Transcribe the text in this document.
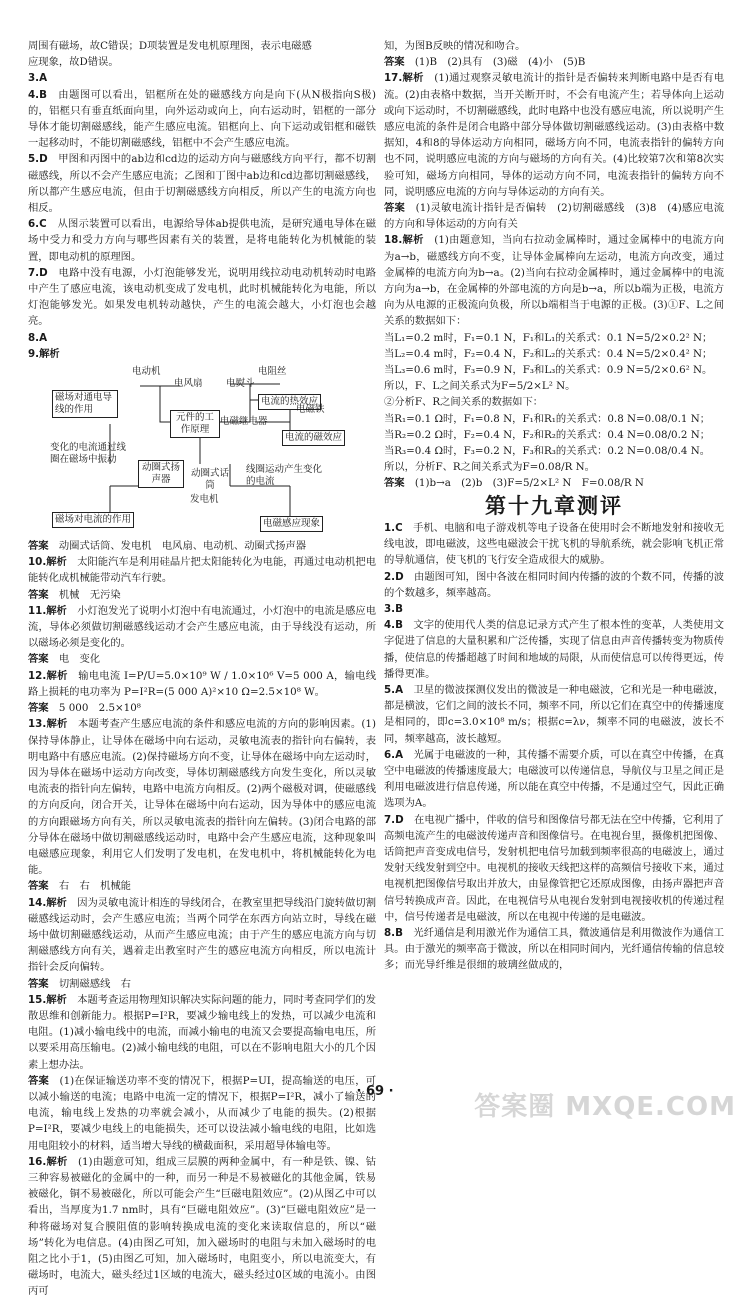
周围有磁场，故C错误；D项装置是发电机原理图，表示电磁感

应现象，故D错误。

3.A

4.B　 由题图可以看出，铝框所在处的磁感线方向是向下(从N极指向S极)的，铝框只有垂直纸面向里，向外运动或向上，向右运动时，铝框的一部分导体才能切割磁感线，能产生感应电流。铝框向上、向下运动或铝框和磁铁一起移动时，不能切割磁感线，铝框中不会产生感应电流。

5.D　 甲图和丙图中的ab边和cd边的运动方向与磁感线方向平行，都不切割磁感线，所以不会产生感应电流；乙图和丁图中ab边和cd边都切割磁感线，所以都产生感应电流，但由于切割磁感线方向相反，所以产生的电流方向也相反。

6.C　 从图示装置可以看出，电源给导体ab提供电流，是研究通电导体在磁场中受力和受力方向与哪些因素有关的装置，是将电能转化为机械能的装置，即电动机的原理图。

7.D　 电路中没有电源，小灯泡能够发光，说明用线拉动电动机转动时电路中产生了感应电流，该电动机变成了发电机，此时机械能转化为电能，所以灯泡能够发光。如果发电机转动越快，产生的电流会越大，小灯泡也会越亮。

8.A

9.解析

电动机
电风扇 电熨斗
电阻丝
磁场对通电导线的作用
电流的热效应
元件的工作原理
电磁继电器
电磁铁
电流的磁效应
变化的电流通过线圈在磁场中振动
动圈式扬声器
动圈式话筒
发电机
线圈运动产生变化的电流
磁场对电流的作用	电磁感应现象

答案　 动圈式话筒、发电机　电风扇、电动机、动圈式扬声器

10.解析　 太阳能汽车是利用硅晶片把太阳能转化为电能，再通过电动机把电能转化成机械能带动汽车行驶。

答案　 机械　无污染

11.解析　 小灯泡发光了说明小灯泡中有电流通过，小灯泡中的电流是感应电流，导体必须做切割磁感线运动才会产生感应电流，由于导线没有运动，所以磁场必须是变化的。

答案　 电　变化

12.解析　 输电电流 I=P/U=5.0×10⁹ W / 1.0×10⁶ V=5 000 A，输电线路上损耗的电功率为 P=I²R=(5 000 A)²×10 Ω=2.5×10⁸ W。

答案　 5 000　2.5×10⁸

13.解析　 本题考查产生感应电流的条件和感应电流的方向的影响因素。(1)保持导体静止，让导体在磁场中向右运动，灵敏电流表的指针向右偏转，表明电路中有感应电流。(2)保持磁场方向不变，让导体在磁场中向左运动时，因为导体在磁场中运动方向改变，导体切割磁感线方向发生变化，所以灵敏电流表的指针向左偏转，电路中电流方向相反。(2)两个磁极对调，使磁感线的方向反向，闭合开关，让导体在磁场中向右运动，因为导体中的感应电流的方向跟磁场方向有关，所以灵敏电流表的指针向左偏转。(3)闭合电路的部分导体在磁场中做切割磁感线运动时，电路中会产生感应电流，这种现象叫电磁感应现象，利用它人们发明了发电机，在发电机中，将机械能转化为电能。

答案　 右　右　机械能

14.解析　 因为灵敏电流计相连的导线闭合，在教室里把导线沿门旋转做切割磁感线运动时，会产生感应电流；当两个同学在东西方向站立时，导线在磁场中做切割磁感线运动，从而产生感应电流；由于产生的感应电流方向与切割磁感线方向有关，遇着走出教室时产生的感应电流方向相反，所以电流计指针会反向偏转。

答案　 切割磁感线　右

15.解析　 本题考查运用物理知识解决实际问题的能力，同时考查同学们的发散思维和创新能力。根据P=I²R，要减少输电线上的发热，可以减少电流和电阻。(1)减小输电线中的电流，而减小输电的电流又会要提高输电电压，所以要采用高压输电。(2)减小输电线的电阻，可以在不影响电阻大小的几个因素上想办法。

答案　 (1)在保证输送功率不变的情况下，根据P=UI，提高输送的电压，可以减小输送的电流；电路中电流一定的情况下，根据P=I²R，减小了输送的电流，输电线上发热的功率就会减小，从而减少了电能的损失。(2)根据P=I²R，要减少电线上的电能损失，还可以设法减小输电线的电阻，比如选用电阻较小的材料，适当增大导线的横截面积，采用超导体输电等。

16.解析　 (1)由题意可知，组成三层膜的两种金属中，有一种是铁、镍、钴三种容易被磁化的金属中的一种，而另一种是不易被磁化的其他金属，铁易被磁化，铜不易被磁化，所以可能会产生“巨磁电阻效应”。(2)从图乙中可以看出，当厚度为1.7 nm时，具有“巨磁电阻效应”。(3)“巨磁电阻效应”是一种将磁场对复合膜阻值的影响转换成电流的变化来读取信息的，所以“磁场”转化为电信息。(4)由图乙可知，加入磁场时的电阻与未加入磁场时的电阻之比小于1，(5)由图乙可知，加入磁场时，电阻变小，所以电流变大，有磁场时，电流大，磁头经过1区域的电流大，磁头经过0区域的电流小。由图丙可

知，为图B反映的情况和吻合。

答案　 (1)B　(2)具有　(3)磁　(4)小　(5)B

17.解析　 (1)通过观察灵敏电流计的指针是否偏转来判断电路中是否有电流。(2)由表格中数据，当开关断开时，不会有电流产生；若导体向上运动或向下运动时，不切割磁感线，此时电路中也没有感应电流，所以说明产生感应电流的条件是闭合电路中部分导体做切割磁感线运动。(3)由表格中数据知，4和8的导体运动方向相同，磁场方向不同，电流表指针的偏转方向也不同，说明感应电流的方向与磁场的方向有关。(4)比较第7次和第8次实验可知，磁场方向相同，导体的运动方向不同，电流表指针的偏转方向不同，说明感应电流的方向与导体运动的方向有关。

答案　 (1)灵敏电流计指针是否偏转　(2)切割磁感线　(3)8　(4)感应电流的方向和导体运动的方向有关

18.解析　 (1)由题意知，当向右拉动金属棒时，通过金属棒中的电流方向为a→b，磁感线方向不变，让导体金属棒向左运动，电流方向改变，通过金属棒的电流方向为b→a。(2)当向右拉动金属棒时，通过金属棒中的电流方向为a→b，在金属棒的外部电流的方向是b→a，所以b端为正极，电流方向为从电源的正极流向负极，所以b端相当于电源的正极。(3)①F、L之间关系的数据如下：

当L₁=0.2 m时，F₁=0.1 N，F₁和L₁的关系式：0.1 N=5/2×0.2² N；

当L₂=0.4 m时，F₂=0.4 N，F₂和L₂的关系式：0.4 N=5/2×0.4² N；

当L₃=0.6 m时，F₃=0.9 N，F₃和L₃的关系式：0.9 N=5/2×0.6² N。

所以，F、L之间关系式为F=5/2×L² N。

②分析F、R之间关系的数据如下：

当R₁=0.1 Ω时，F₁=0.8 N，F₁和R₁的关系式：0.8 N=0.08/0.1 N；

当R₂=0.2 Ω时，F₂=0.4 N，F₂和R₂的关系式：0.4 N=0.08/0.2 N；

当R₃=0.4 Ω时，F₃=0.2 N，F₃和R₃的关系式：0.2 N=0.08/0.4 N。

所以，分析F、R之间关系式为F=0.08/R N。

答案　 (1)b→a　(2)b　(3)F=5/2×L² N　F=0.08/R N

第十九章测评

1.C　 手机、电脑和电子游戏机等电子设备在使用时会不断地发射和接收无线电波，即电磁波，这些电磁波会干扰飞机的导航系统，就会影响飞机正常的导航通信，使飞机的飞行安全造成很大的威胁。

2.D　 由题图可知，图中各波在相同时间内传播的波的个数不同，传播的波的个数越多，频率越高。

3.B

4.B　 文字的使用代人类的信息记录方式产生了根本性的变革，人类使用文字促进了信息的大量积累和广泛传播，实现了信息由声音传播转变为物质传播，使信息的传播超越了时间和地域的局限，从而使信息可以传得更远，传播得更准。

5.A　 卫星的微波探测仪发出的微波是一种电磁波，它和光是一种电磁波，都是横波，它们之间的波长不同，频率不同，所以它们在真空中的传播速度是相同的，即c=3.0×10⁸ m/s；根据c=λν，频率不同的电磁波，波长不同，频率越高，波长越短。

6.A　 光属于电磁波的一种，其传播不需要介质，可以在真空中传播，在真空中电磁波的传播速度最大；电磁波可以传递信息，导航仪与卫星之间正是利用电磁波进行信息传递，所以能在真空中传播，不是通过空气，因此正确选项为A。

7.D　 在电视广播中，伴收的信号和图像信号都无法在空中传播，它利用了高频电流产生的电磁波传递声音和图像信号。在电视台里，摄像机把图像、话筒把声音变成电信号，发射机把电信号加载到频率很高的电磁波上，通过发射天线发射到空中。电视机的接收天线把这样的高频信号接收下来，通过电视机把图像信号取出并放大，由显像管把它还原成图像，由扬声器把声音信号转换成声音。因此，在电视信号从电视台发射到电视接收机的传递过程中，信号传递者是电磁波，所以在电视中传递的是电磁波。

8.B　 光纤通信是利用激光作为通信工具，微波通信是利用微波作为通信工具。由于激光的频率高于微波，所以在相同时间内，光纤通信传输的信息较多；而光导纤维是很细的玻璃丝做成的，

· 69 ·
答案圈 MXQE.COM
